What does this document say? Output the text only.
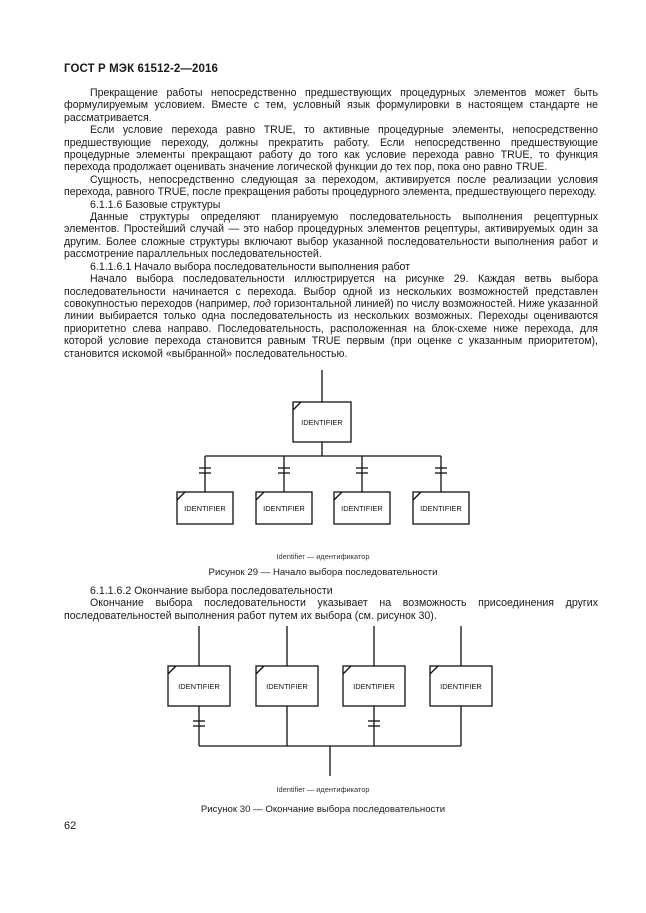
ГОСТ Р МЭК 61512-2—2016

Прекращение работы непосредственно предшествующих процедурных элементов может быть формулируемым условием. Вместе с тем, условный язык формулировки в настоящем стандарте не рассматривается.

Если условие перехода равно TRUE, то активные процедурные элементы, непосредственно предшествующие переходу, должны прекратить работу. Если непосредственно предшествующие процедурные элементы прекращают работу до того как условие перехода равно TRUE, то функция перехода продолжает оценивать значение логической функции до тех пор, пока оно равно TRUE.

Сущность, непосредственно следующая за переходом, активируется после реализации условия перехода, равного TRUE, после прекращения работы процедурного элемента, предшествующего переходу.

6.1.1.6 Базовые структуры

Данные структуры определяют планируемую последовательность выполнения рецептурных элементов. Простейший случай — это набор процедурных элементов рецептуры, активируемых один за другим. Более сложные структуры включают выбор указанной последовательности выполнения работ и рассмотрение параллельных последовательностей.

6.1.1.6.1 Начало выбора последовательности выполнения работ

Начало выбора последовательности иллюстрируется на рисунке 29. Каждая ветвь выбора последовательности начинается с перехода. Выбор одной из нескольких возможностей представлен совокупностью переходов (например, под горизонтальной линией) по числу возможностей. Ниже указанной линии выбирается только одна последовательность из нескольких возможных. Переходы оцениваются приоритетно слева направо. Последовательность, расположенная на блок-схеме ниже перехода, для которой условие перехода становится равным TRUE первым (при оценке с указанным приоритетом), становится искомой «выбранной» последовательностью.

IDENTIFIER
IDENTIFIER	IDENTIFIER	IDENTIFIER	IDENTIFIER
Identifier — идентификатор
Рисунок 29 — Начало выбора последовательности

6.1.1.6.2 Окончание выбора последовательности

Окончание выбора последовательности указывает на возможность присоединения других последовательностей выполнения работ путем их выбора (см. рисунок 30).

IDENTIFIER	IDENTIFIER	IDENTIFIER	IDENTIFIER
Identifier — идентификатор
Рисунок 30 — Окончание выбора последовательности
62
